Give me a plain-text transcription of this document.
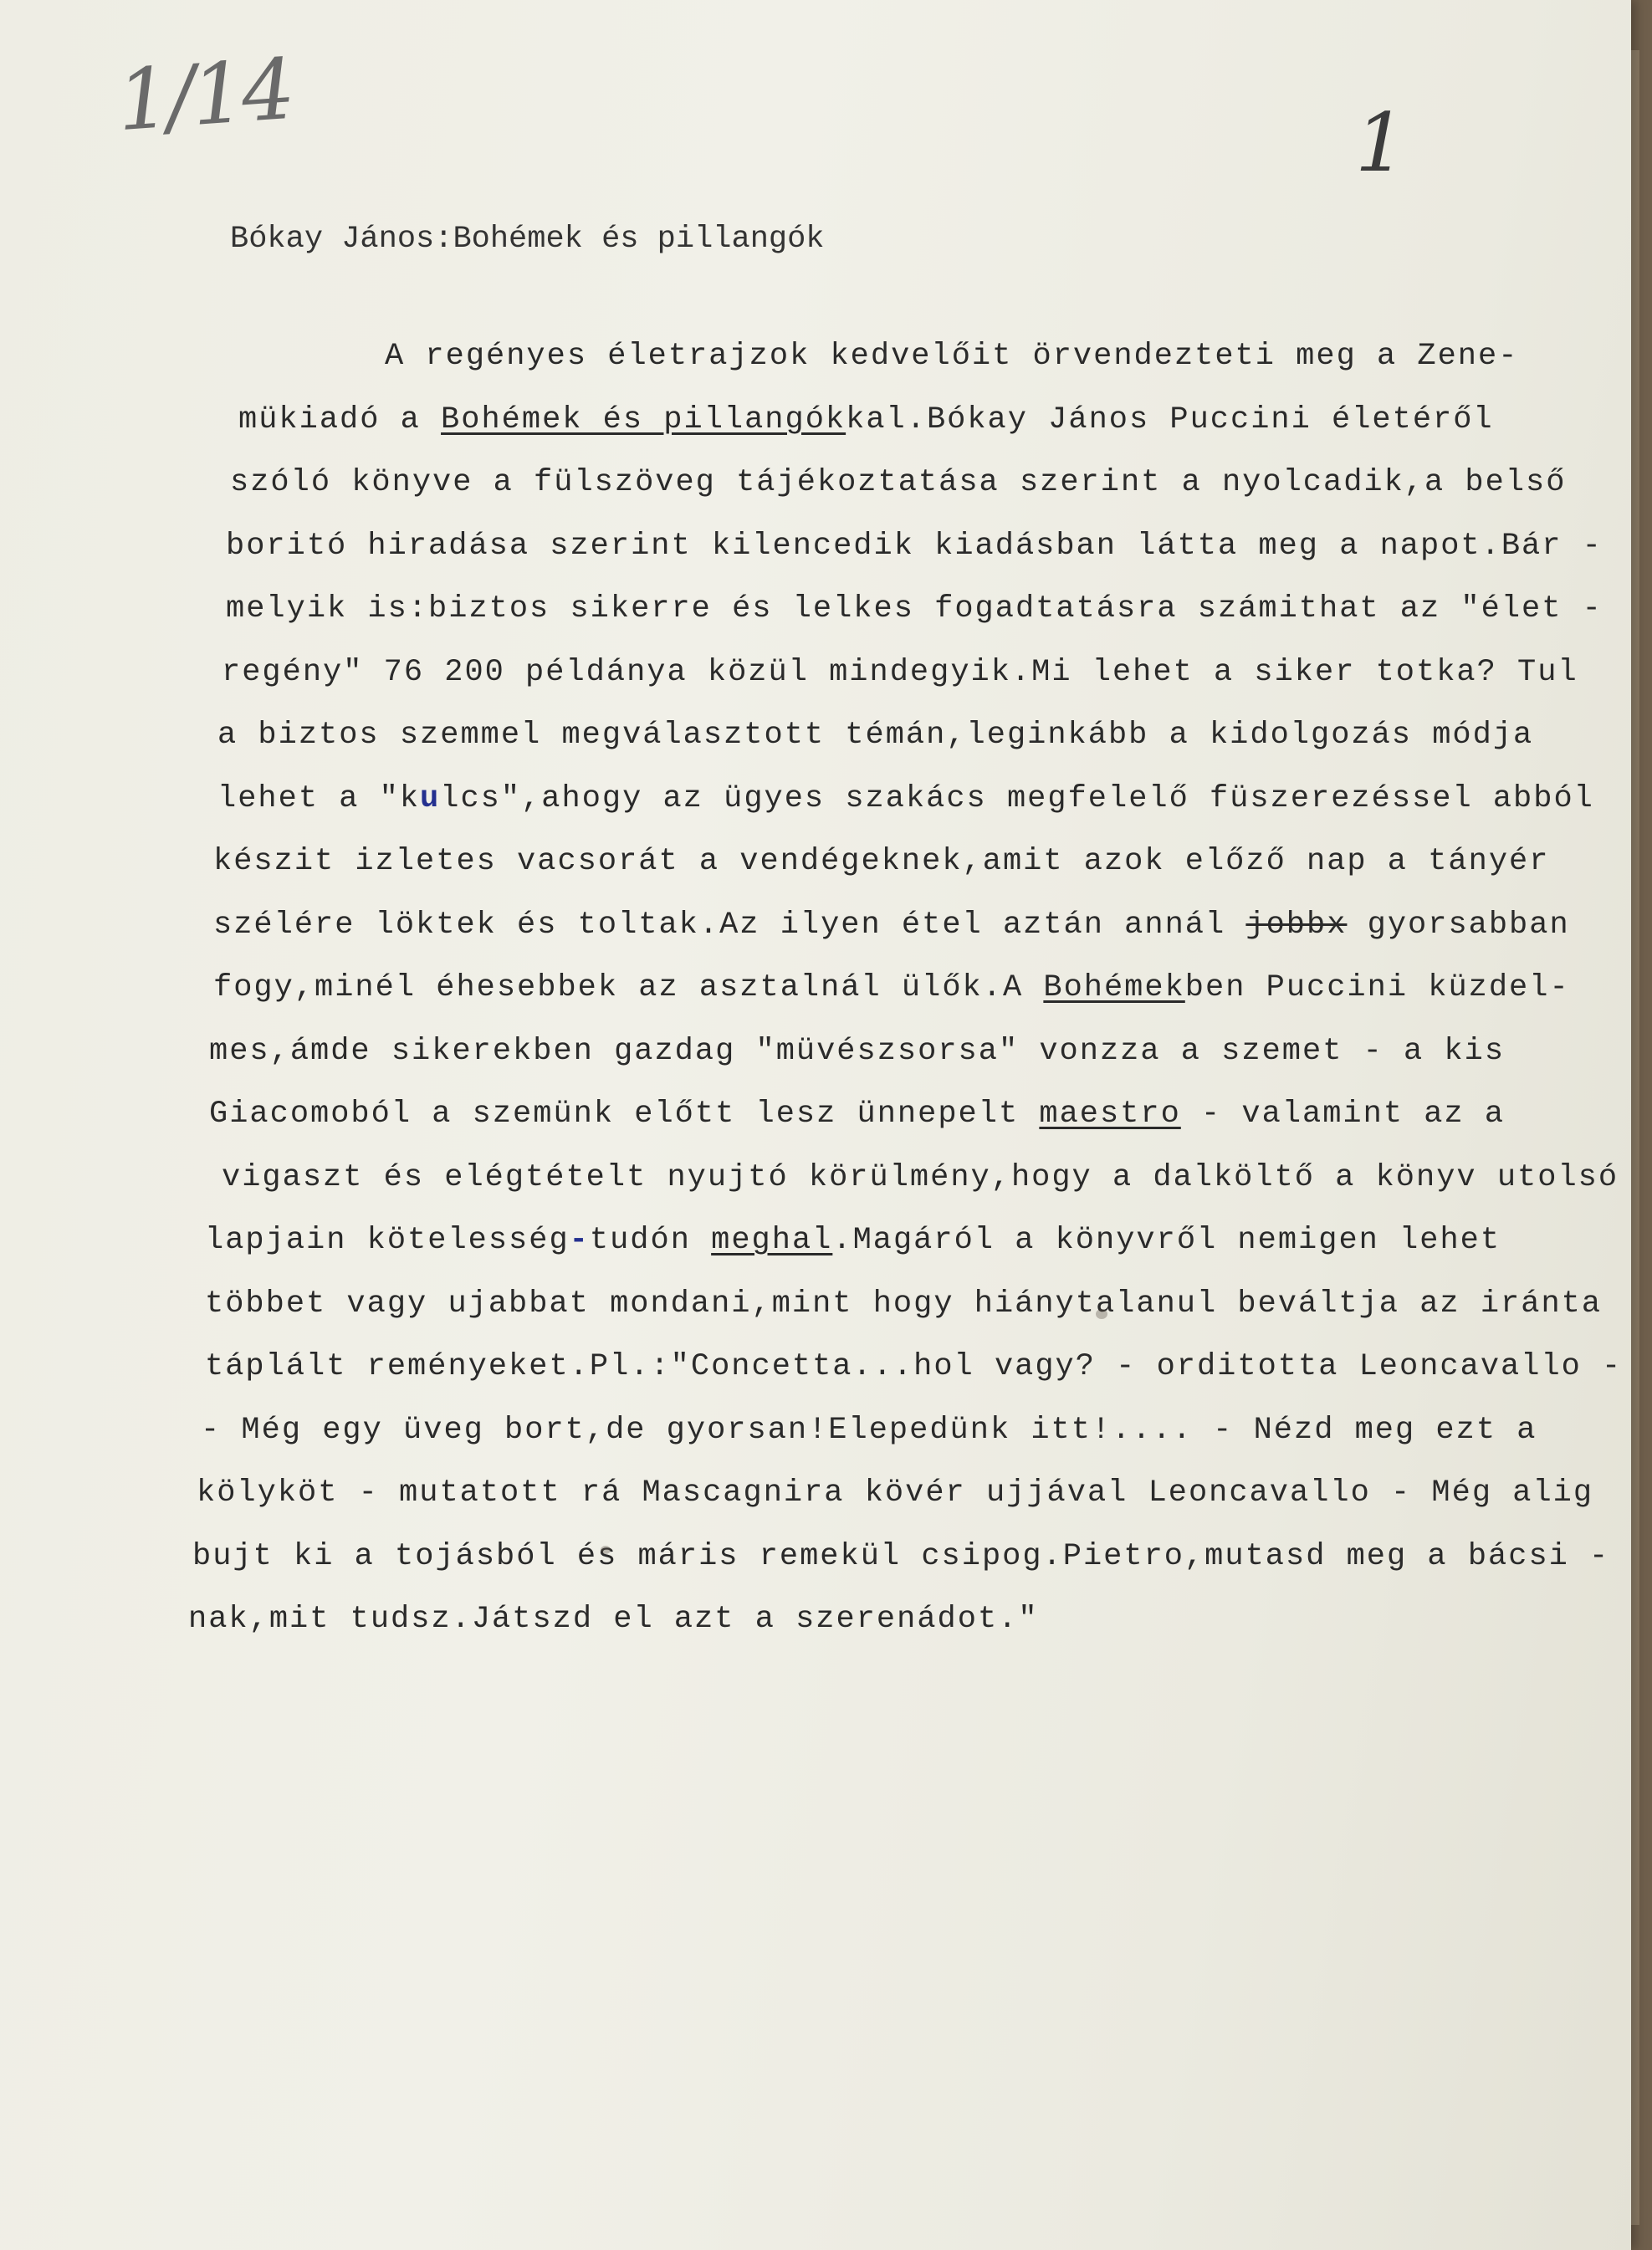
1/14	1
Bókay János:Bohémek és pillangók
A regényes életrajzok kedvelőit örvendezteti meg a Zene-
mükiadó a Bohémek és pillangókkal.Bókay János Puccini életéről
szóló könyve a fülszöveg tájékoztatása szerint a nyolcadik,a belső
boritó hiradása szerint kilencedik kiadásban látta meg a napot.Bár -
melyik is:biztos sikerre és lelkes fogadtatásra számithat az "élet -
regény" 76 200 példánya közül mindegyik.Mi lehet a siker totka? Tul
a biztos szemmel megválasztott témán,leginkább a kidolgozás módja
lehet a "kulcs",ahogy az ügyes szakács megfelelő füszerezéssel abból
készit izletes vacsorát a vendégeknek,amit azok előző nap a tányér
szélére löktek és toltak.Az ilyen étel aztán annál jobbx gyorsabban
fogy,minél éhesebbek az asztalnál ülők.A Bohémekben Puccini küzdel-
mes,ámde sikerekben gazdag "müvészsorsa" vonzza a szemet - a kis
Giacomoból a szemünk előtt lesz ünnepelt maestro - valamint az a
vigaszt és elégtételt nyujtó körülmény,hogy a dalköltő a könyv utolsó
lapjain kötelesség-tudón meghal.Magáról a könyvről nemigen lehet
többet vagy ujabbat mondani,mint hogy hiánytalanul beváltja az iránta
táplált reményeket.Pl.:"Concetta...hol vagy? - orditotta Leoncavallo -
- Még egy üveg bort,de gyorsan!Elepedünk itt!.... - Nézd meg ezt a
kölyköt - mutatott rá Mascagnira kövér ujjával Leoncavallo - Még alig
bujt ki a tojásból és máris remekül csipog.Pietro,mutasd meg a bácsi -
nak,mit tudsz.Játszd el azt a szerenádot."
